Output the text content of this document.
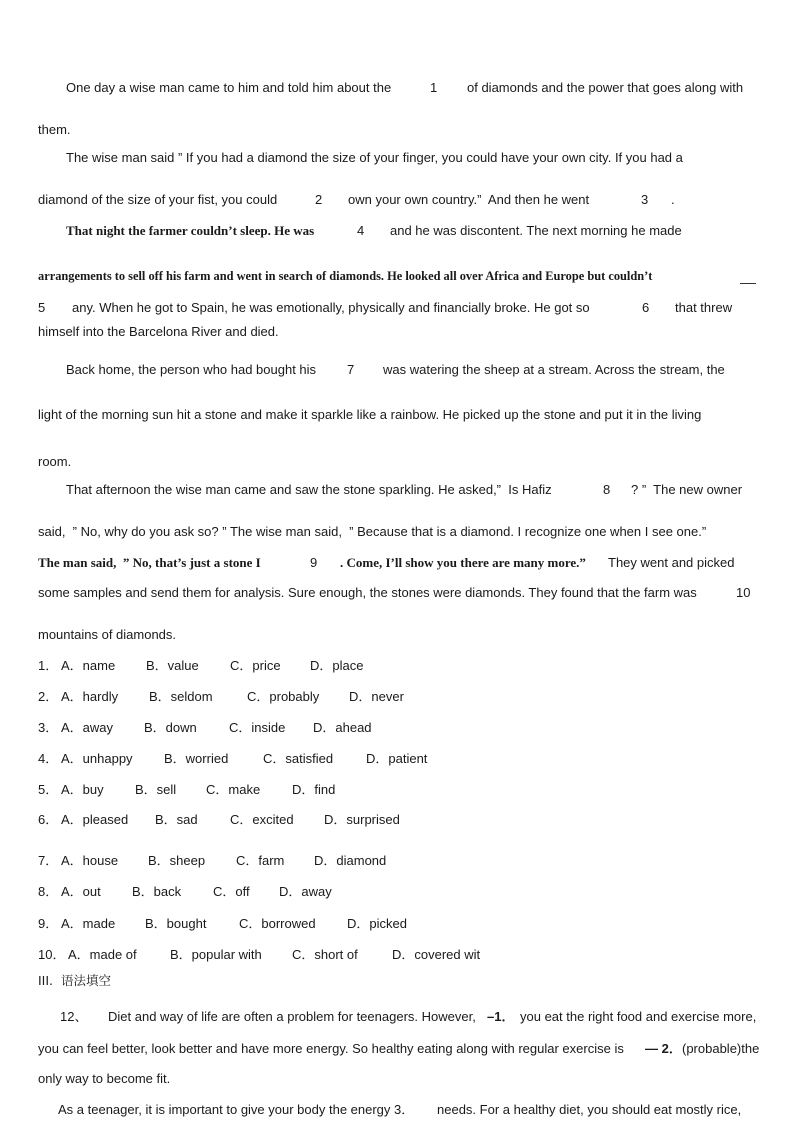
One day a wise man came to him and told him about the	1 of diamonds and the power that goes along with
them.
The wise man said ” If you had a diamond the size of your finger, you could have your own city. If you had a
diamond of the size of your fist, you could	2 own your own country.”  And then he went	3 .
That night the farmer couldn’t sleep. He was	4 and he was discontent. The next morning he made
arrangements to sell off his farm and went in search of diamonds. He looked all over Africa and Europe but couldn’t
5 any. When he got to Spain, he was emotionally, physically and financially broke. He got so	6 that threw
himself into the Barcelona River and died.
Back home, the person who had bought his 7 was watering the sheep at a stream. Across the stream, the
light of the morning sun hit a stone and make it sparkle like a rainbow. He picked up the stone and put it in the living
room.
That afternoon the wise man came and saw the stone sparkling. He asked,”  Is Hafiz	8 ? ”  The new owner
said,  ” No, why do you ask so? ” The wise man said,  ” Because that is a diamond. I recognize one when I see one.”
The man said,  ” No, that’s just a stone I	9 . Come, I’ll show you there are many more.” They went and picked
some samples and send them for analysis. Sure enough, the stones were diamonds. They found that the farm was	10
mountains of diamonds.
1． A．name B．value C．price D．place
2． A．hardly B．seldom	C．probably D．never
3． A．away B．down C．inside D．ahead
4． A．unhappy B．worried	C．satisfied	D．patient
5． A．buy B．sell C．make D．find
6． A．pleased B．sad C．excited D．surprised
7． A．house B．sheep C．farm D．diamond
8． A．out B．back C．off D．away
9． A．made B．bought	C．borrowed D．picked
10． A．made of	B．popular with C．short of	D．covered wit
III.  语法填空
12、 Diet and way of life are often a problem for teenagers. However, –1． you eat the right food and exercise more,
you can feel better, look better and have more energy. So healthy eating along with regular exercise is — 2． (probable)the
only way to become fit.
As a teenager, it is important to give your body the energy 3． needs. For a healthy diet, you should eat mostly rice,
